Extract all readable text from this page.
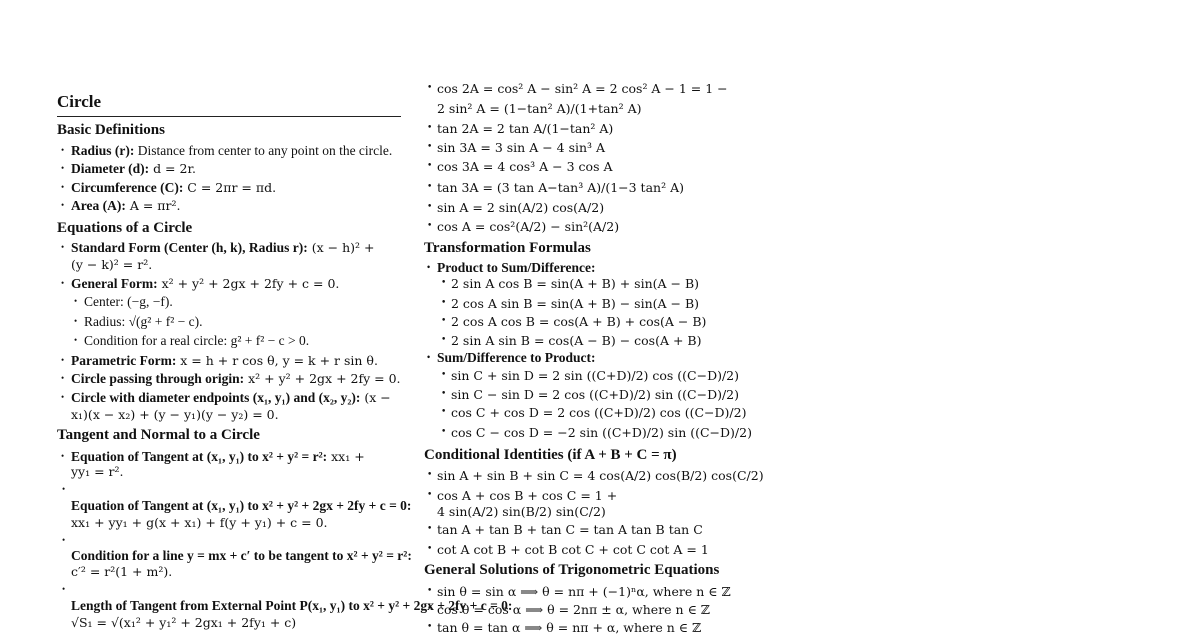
Circle
Basic Definitions
• Radius (r): Distance from center to any point on the circle.
• Diameter (d): d = 2r.
• Circumference (C): C = 2πr = πd.
• Area (A): A = πr².
Equations of a Circle
• Standard Form (Center (h, k), Radius r): (x − h)² +
(y − k)² = r².
• General Form: x² + y² + 2gx + 2fy + c = 0.
• Center: (−g, −f).
• Radius: √(g² + f² − c).
• Condition for a real circle: g² + f² − c > 0.
• Parametric Form: x = h + r cos θ, y = k + r sin θ.
• Circle passing through origin: x² + y² + 2gx + 2fy = 0.
• Circle with diameter endpoints (x₁, y₁) and (x₂, y₂): (x −
x₁)(x − x₂) + (y − y₁)(y − y₂) = 0.
Tangent and Normal to a Circle
• Equation of Tangent at (x₁, y₁) to x² + y² = r²: xx₁ +
yy₁ = r².
•
Equation of Tangent at (x₁, y₁) to x² + y² + 2gx + 2fy + c = 0:
xx₁ + yy₁ + g(x + x₁) + f(y + y₁) + c = 0.
•
Condition for a line y = mx + c′ to be tangent to x² + y² = r²:
c′² = r²(1 + m²).
•
Length of Tangent from External Point P(x₁, y₁) to x² + y² + 2gx + 2fy + c = 0:
√S₁ = √(x₁² + y₁² + 2gx₁ + 2fy₁ + c)
• cos 2A = cos² A − sin² A = 2 cos² A − 1 = 1 −
2 sin² A = (1−tan² A)/(1+tan² A)
• tan 2A = 2 tan A/(1−tan² A)
• sin 3A = 3 sin A − 4 sin³ A
• cos 3A = 4 cos³ A − 3 cos A
• tan 3A = (3 tan A−tan³ A)/(1−3 tan² A)
• sin A = 2 sin(A/2) cos(A/2)
• cos A = cos²(A/2) − sin²(A/2)
Transformation Formulas
• Product to Sum/Difference:
• 2 sin A cos B = sin(A + B) + sin(A − B)
• 2 cos A sin B = sin(A + B) − sin(A − B)
• 2 cos A cos B = cos(A + B) + cos(A − B)
• 2 sin A sin B = cos(A − B) − cos(A + B)
• Sum/Difference to Product:
• sin C + sin D = 2 sin ((C+D)/2) cos ((C−D)/2)
• sin C − sin D = 2 cos ((C+D)/2) sin ((C−D)/2)
• cos C + cos D = 2 cos ((C+D)/2) cos ((C−D)/2)
• cos C − cos D = −2 sin ((C+D)/2) sin ((C−D)/2)
Conditional Identities (if A + B + C = π)
• sin A + sin B + sin C = 4 cos(A/2) cos(B/2) cos(C/2)
• cos A + cos B + cos C = 1 +
4 sin(A/2) sin(B/2) sin(C/2)
• tan A + tan B + tan C = tan A tan B tan C
• cot A cot B + cot B cot C + cot C cot A = 1
General Solutions of Trigonometric Equations
• sin θ = sin α ⟹ θ = nπ + (−1)ⁿα, where n ∈ ℤ
• cos θ = cos α ⟹ θ = 2nπ ± α, where n ∈ ℤ
• tan θ = tan α ⟹ θ = nπ + α, where n ∈ ℤ
